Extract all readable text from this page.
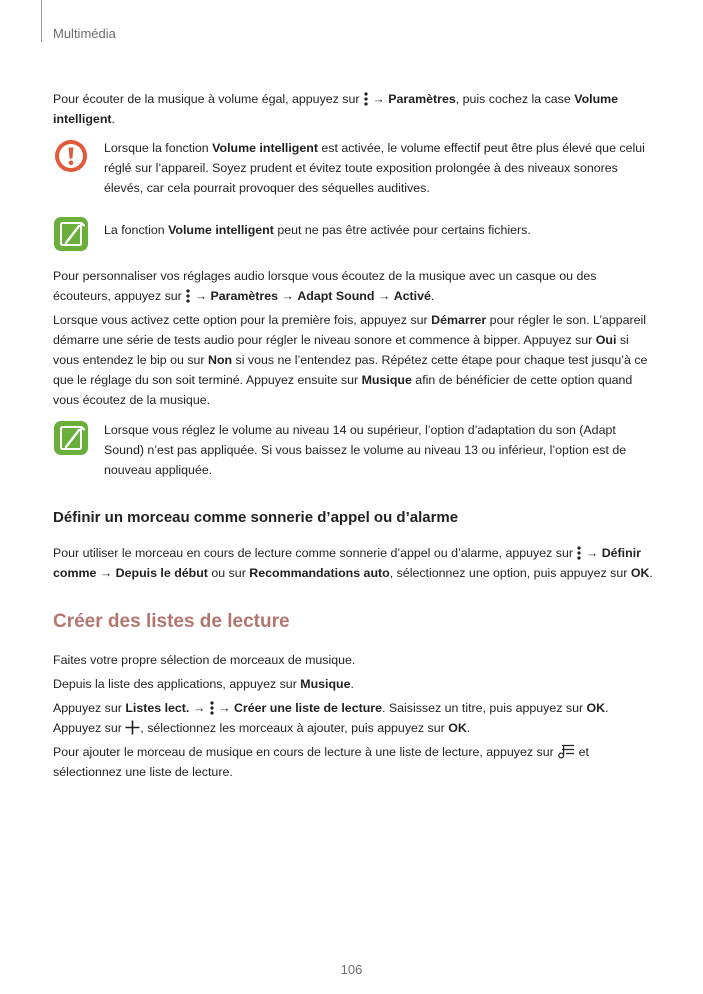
Multimédia

Pour écouter de la musique à volume égal, appuyez sur  → Paramètres, puis cochez la case Volume intelligent.

Lorsque la fonction Volume intelligent est activée, le volume effectif peut être plus élevé que celui réglé sur l’appareil. Soyez prudent et évitez toute exposition prolongée à des niveaux sonores élevés, car cela pourrait provoquer des séquelles auditives.

La fonction Volume intelligent peut ne pas être activée pour certains fichiers.

Pour personnaliser vos réglages audio lorsque vous écoutez de la musique avec un casque ou des écouteurs, appuyez sur  → Paramètres → Adapt Sound → Activé.

Lorsque vous activez cette option pour la première fois, appuyez sur Démarrer pour régler le son. L’appareil démarre une série de tests audio pour régler le niveau sonore et commence à bipper. Appuyez sur Oui si vous entendez le bip ou sur Non si vous ne l’entendez pas. Répétez cette étape pour chaque test jusqu’à ce que le réglage du son soit terminé. Appuyez ensuite sur Musique afin de bénéficier de cette option quand vous écoutez de la musique.

Lorsque vous réglez le volume au niveau 14 ou supérieur, l’option d’adaptation du son (Adapt Sound) n’est pas appliquée. Si vous baissez le volume au niveau 13 ou inférieur, l’option est de nouveau appliquée.

Définir un morceau comme sonnerie d’appel ou d’alarme

Pour utiliser le morceau en cours de lecture comme sonnerie d’appel ou d’alarme, appuyez sur  → Définir comme → Depuis le début ou sur Recommandations auto, sélectionnez une option, puis appuyez sur OK.

Créer des listes de lecture

Faites votre propre sélection de morceaux de musique.

Depuis la liste des applications, appuyez sur Musique.

Appuyez sur Listes lect. →  → Créer une liste de lecture. Saisissez un titre, puis appuyez sur OK. Appuyez sur , sélectionnez les morceaux à ajouter, puis appuyez sur OK.

Pour ajouter le morceau de musique en cours de lecture à une liste de lecture, appuyez sur  et sélectionnez une liste de lecture.

106
